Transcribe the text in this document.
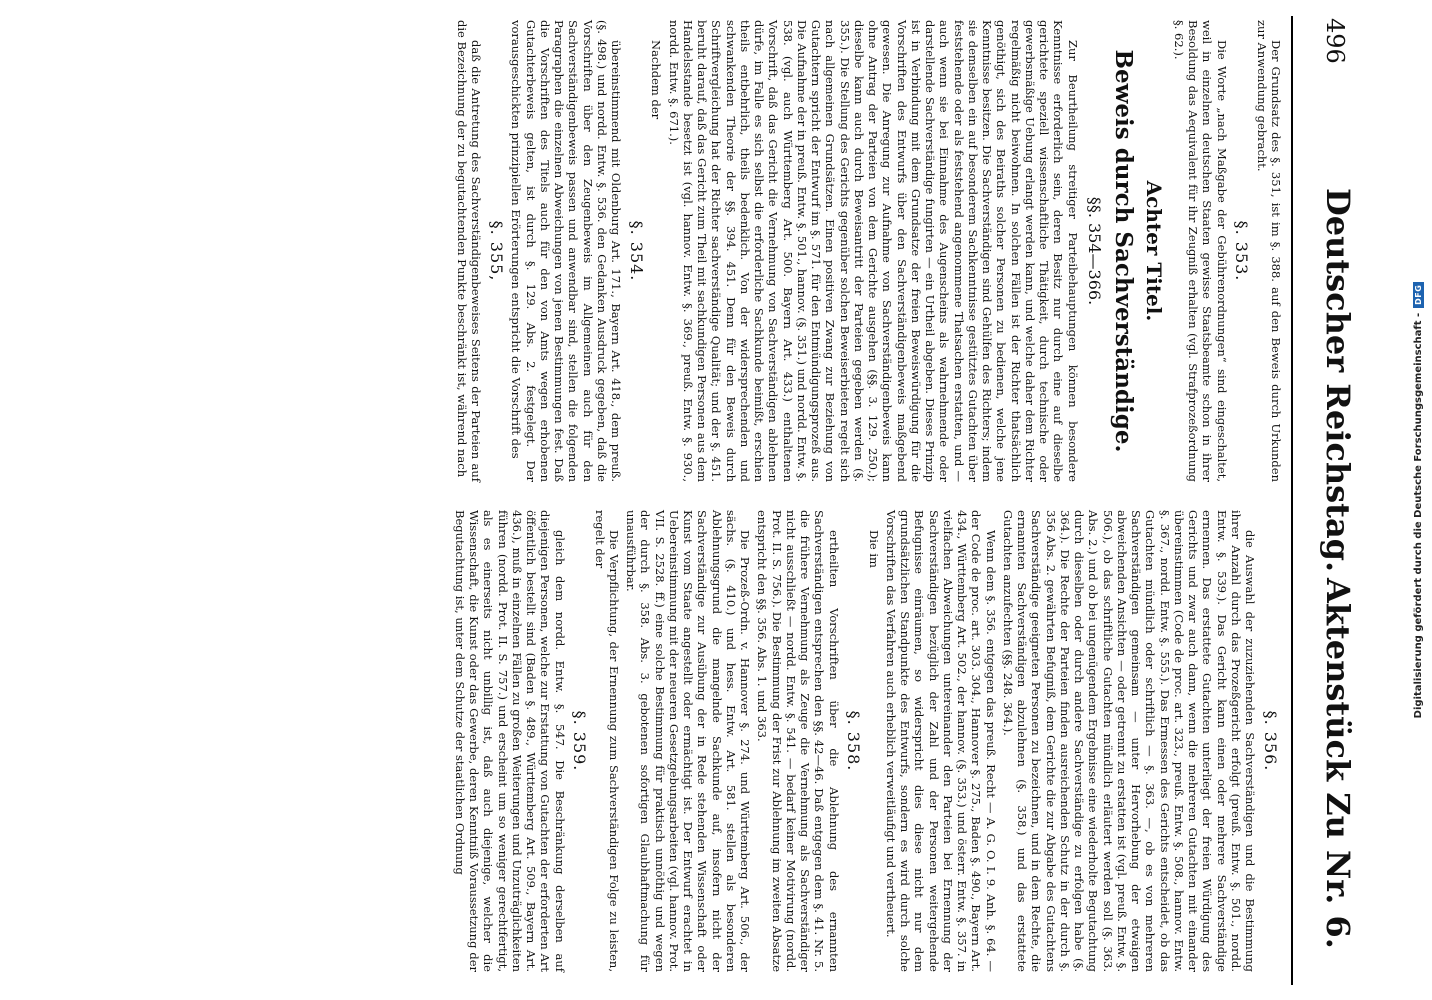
496
Deutscher Reichstag.
Aktenstück Zu Nr. 6.

Der Grundsatz des §. 351, ist im §. 388. auf den Beweis durch Urkunden zur Anwendung gebracht.

§. 353.

Die Worte „nach Maßgabe der Gebührenordnungen“ sind eingeschaltet, weil in einzelnen deutschen Staaten gewisse Staatsbeamte schon in ihrer Besoldung das Aequivalent für ihr Zeugniß erhalten (vgl. Strafprozeßordnung §. 62.).

Achter Titel.
Beweis durch Sachverständige.
§§. 354—366.

Zur Beurtheilung streitiger Parteibehauptungen können besondere Kenntnisse erforderlich sein, deren Besitz nur durch eine auf dieselbe gerichtete speziell wissenschaftliche Thätigkeit, durch technische oder gewerbsmäßige Uebung erlangt werden kann, und welche daher dem Richter regelmäßig nicht beiwohnen. In solchen Fällen ist der Richter thatsächlich genöthigt, sich des Beiraths solcher Personen zu bedienen, welche jene Kenntnisse besitzen. Die Sachverständigen sind Gehülfen des Richters; indem sie demselben ein auf besonderem Sachkenntnisse gestütztes Gutachten über feststehende oder als feststehend angenommene Thatsachen erstatten, und — auch wenn sie bei Einnahme des Augenscheins als wahrnehmende oder darstellende Sachverständige fungirten — ein Urtheil abgeben. Dieses Prinzip ist in Verbindung mit dem Grundsatze der freien Beweiswürdigung für die Vorschriften des Entwurfs über den Sachverständigenbeweis maßgebend gewesen. Die Anregung zur Aufnahme von Sachverständigenbeweis kann ohne Antrag der Parteien von dem Gerichte ausgehen (§§. 3. 129. 250.); dieselbe kann auch durch Beweisantritt der Parteien gegeben werden (§. 355.). Die Stellung des Gerichts gegenüber solchen Beweiserbieten regelt sich nach allgemeinen Grundsätzen. Einen positiven Zwang zur Beziehung von Gutachtern spricht der Entwurf im §. 571. für den Entmündigungsprozeß aus. Die Aufnahme der in preuß. Entw. §. 501., hannov. (§. 351.) und nordd. Entw. §. 538. (vgl. auch Württemberg Art. 500. Bayern Art. 433.) enthaltenen Vorschrift, daß das Gericht die Vernehmung von Sachverständigen ablehnen dürfe, im Falle es sich selbst die erforderliche Sachkunde beimißt, erschien theils entbehrlich, theils bedenklich. Von der widersprechenden und schwankenden Theorie der §§. 394. 451. Denn für den Beweis durch Schriftvergleichung hat der Richter sachverständige Qualität; und der §. 451. beruht darauf, daß das Gericht zum Theil mit sachkundigen Personen aus dem Handelsstande besetzt ist (vgl. hannov. Entw. §. 369., preuß. Entw. §. 930., nordd. Entw. §. 671.).

Nachdem der

§. 354.

übereinstimmend mit Oldenburg Art. 171., Bayern Art. 418., dem preuß. (§. 498.) und nordd. Entw. §. 536. den Gedanken Ausdruck gegeben, daß die Vorschriften über den Zeugenbeweis im Allgemeinen auch für den Sachverständigenbeweis passen und anwendbar sind, stellen die folgenden Paragraphen die einzelnen Abweichungen von jenen Bestimmungen fest. Daß die Vorschriften des Titels auch für den von Amts wegen erhobenen Gutachterbeweis gelten, ist durch §. 129. Abs. 2. festgelegt. Der vorausgeschickten prinzipiellen Erörterungen entspricht die Vorschrift des

§. 355,

daß die Antretung des Sachverständigenbeweises Seitens der Parteien auf die Bezeichnung der zu begutachtenden Punkte beschränkt ist, während nach

§. 356.

die Auswahl der zuzuziehenden Sachverständigen und die Bestimmung ihrer Anzahl durch das Prozeßgericht erfolgt (preuß. Entw. §. 501., nordd. Entw. §. 539.). Das Gericht kann einen oder mehrere Sachverständige ernennen. Das erstattete Gutachten unterliegt der freien Würdigung des Gerichts und zwar auch dann, wenn die mehreren Gutachten mit einander übereinstimmen (Code de proc. art. 323., preuß. Entw. §. 508., hannov. Entw. §. 367., nordd. Entw. §. 555.). Das Ermessen des Gerichts entscheidet, ob das Gutachten mündlich oder schriftlich — §. 363. —, ob es von mehreren Sachverständigen gemeinsam — unter Hervorhebung der etwaigen abweichenden Ansichten — oder getrennt zu erstatten ist (vgl. preuß. Entw. §. 506.), ob das schriftliche Gutachten mündlich erläutert werden soll (§. 363. Abs. 2.) und ob bei ungenügendem Ergebnisse eine wiederholte Begutachtung durch dieselben oder durch andere Sachverständige zu erfolgen habe (§. 364.). Die Rechte der Parteien finden ausreichenden Schutz in der durch §. 356 Abs. 2. gewährten Befugniß, dem Gerichte die zur Abgabe des Gutachtens Sachverständige geeigneten Personen zu bezeichnen, und in dem Rechte, die ernannten Sachverständigen abzulehnen (§. 358.) und das erstattete Gutachten anzufechten (§§. 248. 364.).

Wenn dem §. 356. entgegen das preuß. Recht — A. G. O. I. 9. Anh. §. 64. — der Code de proc. art. 303. 304., Hannover §. 275., Baden §. 490., Bayern Art. 434., Württemberg Art. 502., der hannov. (§. 353.) und österr. Entw. §. 357. in vielfachen Abweichungen untereinander den Parteien bei Ernennung der Sachverständigen bezüglich der Zahl und der Personen weitergehende Befugnisse einräumen, so widerspricht dies diese nicht nur dem grundsätzlichen Standpunkte des Entwurfs, sondern es wird durch solche Vorschriften das Verfahren auch erheblich verweitläufigt und vertheuert.

Die im

§. 358.

ertheilten Vorschriften über die Ablehnung des ernannten Sachverständigen entsprechen den §§. 42—46. Daß entgegen dem §. 41. Nr. 5. die frühere Vernehmung als Zeuge die Vernehmung als Sachverständiger nicht ausschließt — nordd. Entw. §. 541. — bedarf keiner Motivirung (nordd. Prot. II. S. 756.). Die Bestimmung der Frist zur Ablehnung im zweiten Absatze entspricht den §§. 356. Abs. 1. und 363.

Die Prozeß-Ordn. v. Hannover §. 274. und Württemberg Art. 506., der sächs. (§. 410.) und hess. Entw. Art. 581. stellen als besonderen Ablehnungsgrund die mangelnde Sachkunde auf, insofern nicht der Sachverständige zur Ausübung der in Rede stehenden Wissenschaft oder Kunst vom Staate angestellt oder ermächtigt ist. Der Entwurf erachtet in Uebereinstimmung mit der neueren Gesetzgebungsarbeiten (vgl. hannov. Prot. VII. S. 2528. ff.) eine solche Bestimmung für praktisch unnöthig und wegen der durch §. 358. Abs. 3. gebotenen sofortigen Glaubhaftmachung für unausführbar.

Die Verpflichtung, der Ernennung zum Sachverständigen Folge zu leisten, regelt der

§. 359.

gleich dem nordd. Entw. §. 547. Die Beschränkung derselben auf diejenigen Personen, welche zur Erstattung von Gutachten der erforderten Art öffentlich bestellt sind (Baden §. 489., Württemberg Art. 509., Bayern Art. 436.), muß in einzelnen Fällen zu großen Weiterungen und Unzuträglichkeiten führen (nordd. Prot. II. S. 757.) und erscheint um so weniger gerechtfertigt, als es einerseits nicht unbillig ist, daß auch diejenige, welcher die Wissenschaft, die Kunst oder das Gewerbe, deren Kenntniß Voraussetzung der Begutachtung ist, unter dem Schutze der staatlichen Ordnung	Digitalisierung gefördert durch die Deutsche Forschungsgemeinschaft -
DFG
